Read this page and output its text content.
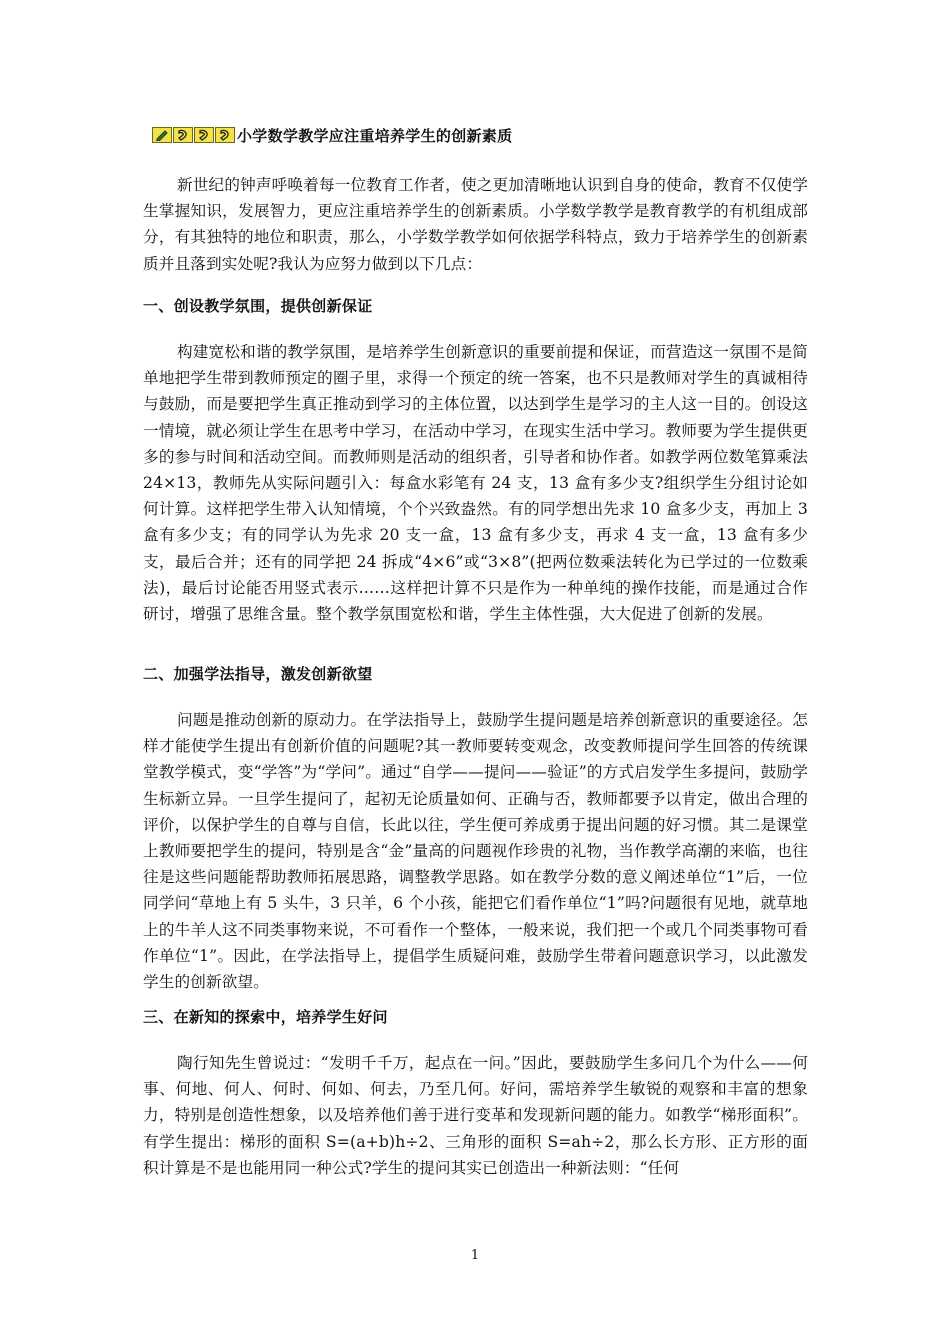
小学数学教学应注重培养学生的创新素质

新世纪的钟声呼唤着每一位教育工作者，使之更加清晰地认识到自身的使命，教育不仅使学生掌握知识，发展智力，更应注重培养学生的创新素质。小学数学教学是教育教学的有机组成部分，有其独特的地位和职责，那么，小学数学教学如何依据学科特点，致力于培养学生的创新素质并且落到实处呢?我认为应努力做到以下几点：

一、创设教学氛围，提供创新保证

构建宽松和谐的教学氛围，是培养学生创新意识的重要前提和保证，而营造这一氛围不是简单地把学生带到教师预定的圈子里，求得一个预定的统一答案，也不只是教师对学生的真诚相待与鼓励，而是要把学生真正推动到学习的主体位置，以达到学生是学习的主人这一目的。创设这一情境，就必须让学生在思考中学习，在活动中学习，在现实生活中学习。教师要为学生提供更多的参与时间和活动空间。而教师则是活动的组织者，引导者和协作者。如教学两位数笔算乘法 24×13，教师先从实际问题引入：每盒水彩笔有 24 支，13 盒有多少支?组织学生分组讨论如何计算。这样把学生带入认知情境，个个兴致盎然。有的同学想出先求 10 盒多少支，再加上 3 盒有多少支；有的同学认为先求 20 支一盒，13 盒有多少支，再求 4 支一盒，13 盒有多少支，最后合并；还有的同学把 24 拆成“4×6”或“3×8”(把两位数乘法转化为已学过的一位数乘法)，最后讨论能否用竖式表示……这样把计算不只是作为一种单纯的操作技能，而是通过合作研讨，增强了思维含量。整个教学氛围宽松和谐，学生主体性强，大大促进了创新的发展。

二、加强学法指导，激发创新欲望

问题是推动创新的原动力。在学法指导上，鼓励学生提问题是培养创新意识的重要途径。怎样才能使学生提出有创新价值的问题呢?其一教师要转变观念，改变教师提问学生回答的传统课堂教学模式，变“学答”为“学问”。通过“自学——提问——验证”的方式启发学生多提问，鼓励学生标新立异。一旦学生提问了，起初无论质量如何、正确与否，教师都要予以肯定，做出合理的评价，以保护学生的自尊与自信，长此以往，学生便可养成勇于提出问题的好习惯。其二是课堂上教师要把学生的提问，特别是含“金”量高的问题视作珍贵的礼物，当作教学高潮的来临，也往往是这些问题能帮助教师拓展思路，调整教学思路。如在教学分数的意义阐述单位“1”后，一位同学问“草地上有 5 头牛，3 只羊，6 个小孩，能把它们看作单位“1”吗?问题很有见地，就草地上的牛羊人这不同类事物来说，不可看作一个整体，一般来说，我们把一个或几个同类事物可看作单位“1”。因此，在学法指导上，提倡学生质疑问难，鼓励学生带着问题意识学习，以此激发学生的创新欲望。

三、在新知的探索中，培养学生好问

陶行知先生曾说过：“发明千千万，起点在一问。”因此，要鼓励学生多问几个为什么——何事、何地、何人、何时、何如、何去，乃至几何。好问，需培养学生敏锐的观察和丰富的想象力，特别是创造性想象，以及培养他们善于进行变革和发现新问题的能力。如教学“梯形面积”。有学生提出：梯形的面积 S=(a+b)h÷2、三角形的面积 S=ah÷2，那么长方形、正方形的面积计算是不是也能用同一种公式?学生的提问其实已创造出一种新法则：“任何

1
